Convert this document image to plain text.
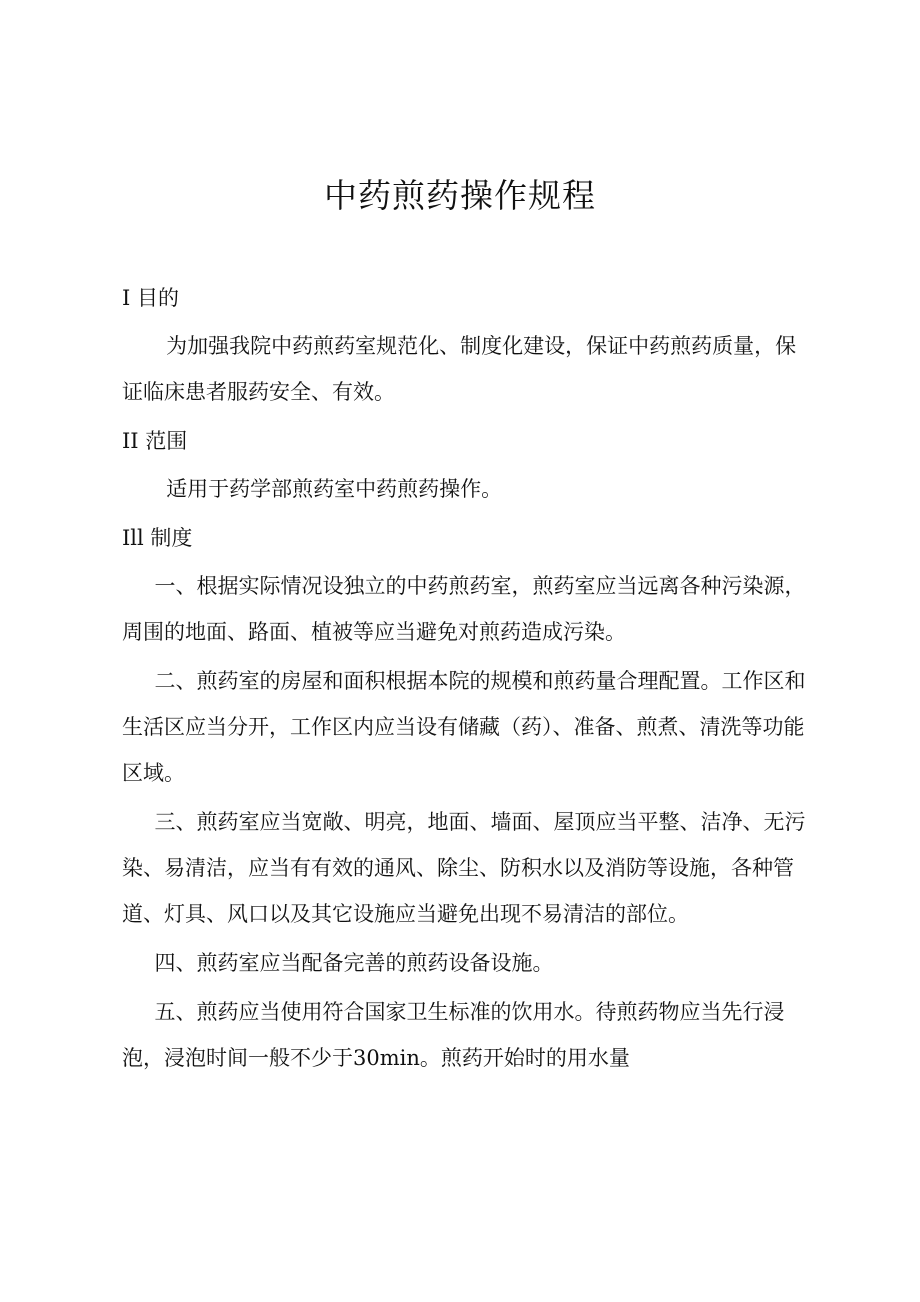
中药煎药操作规程

I 目的

为加强我院中药煎药室规范化、制度化建设，保证中药煎药质量，保证临床患者服药安全、有效。

II 范围

适用于药学部煎药室中药煎药操作。

Ill 制度

一、根据实际情况设独立的中药煎药室，煎药室应当远离各种污染源，周围的地面、路面、植被等应当避免对煎药造成污染。

二、煎药室的房屋和面积根据本院的规模和煎药量合理配置。工作区和生活区应当分开，工作区内应当设有储藏（药）、准备、煎煮、清洗等功能区域。

三、煎药室应当宽敞、明亮，地面、墙面、屋顶应当平整、洁净、无污染、易清洁，应当有有效的通风、除尘、防积水以及消防等设施，各种管道、灯具、风口以及其它设施应当避免出现不易清洁的部位。

四、煎药室应当配备完善的煎药设备设施。

五、煎药应当使用符合国家卫生标准的饮用水。待煎药物应当先行浸泡，浸泡时间一般不少于30min。煎药开始时的用水量
